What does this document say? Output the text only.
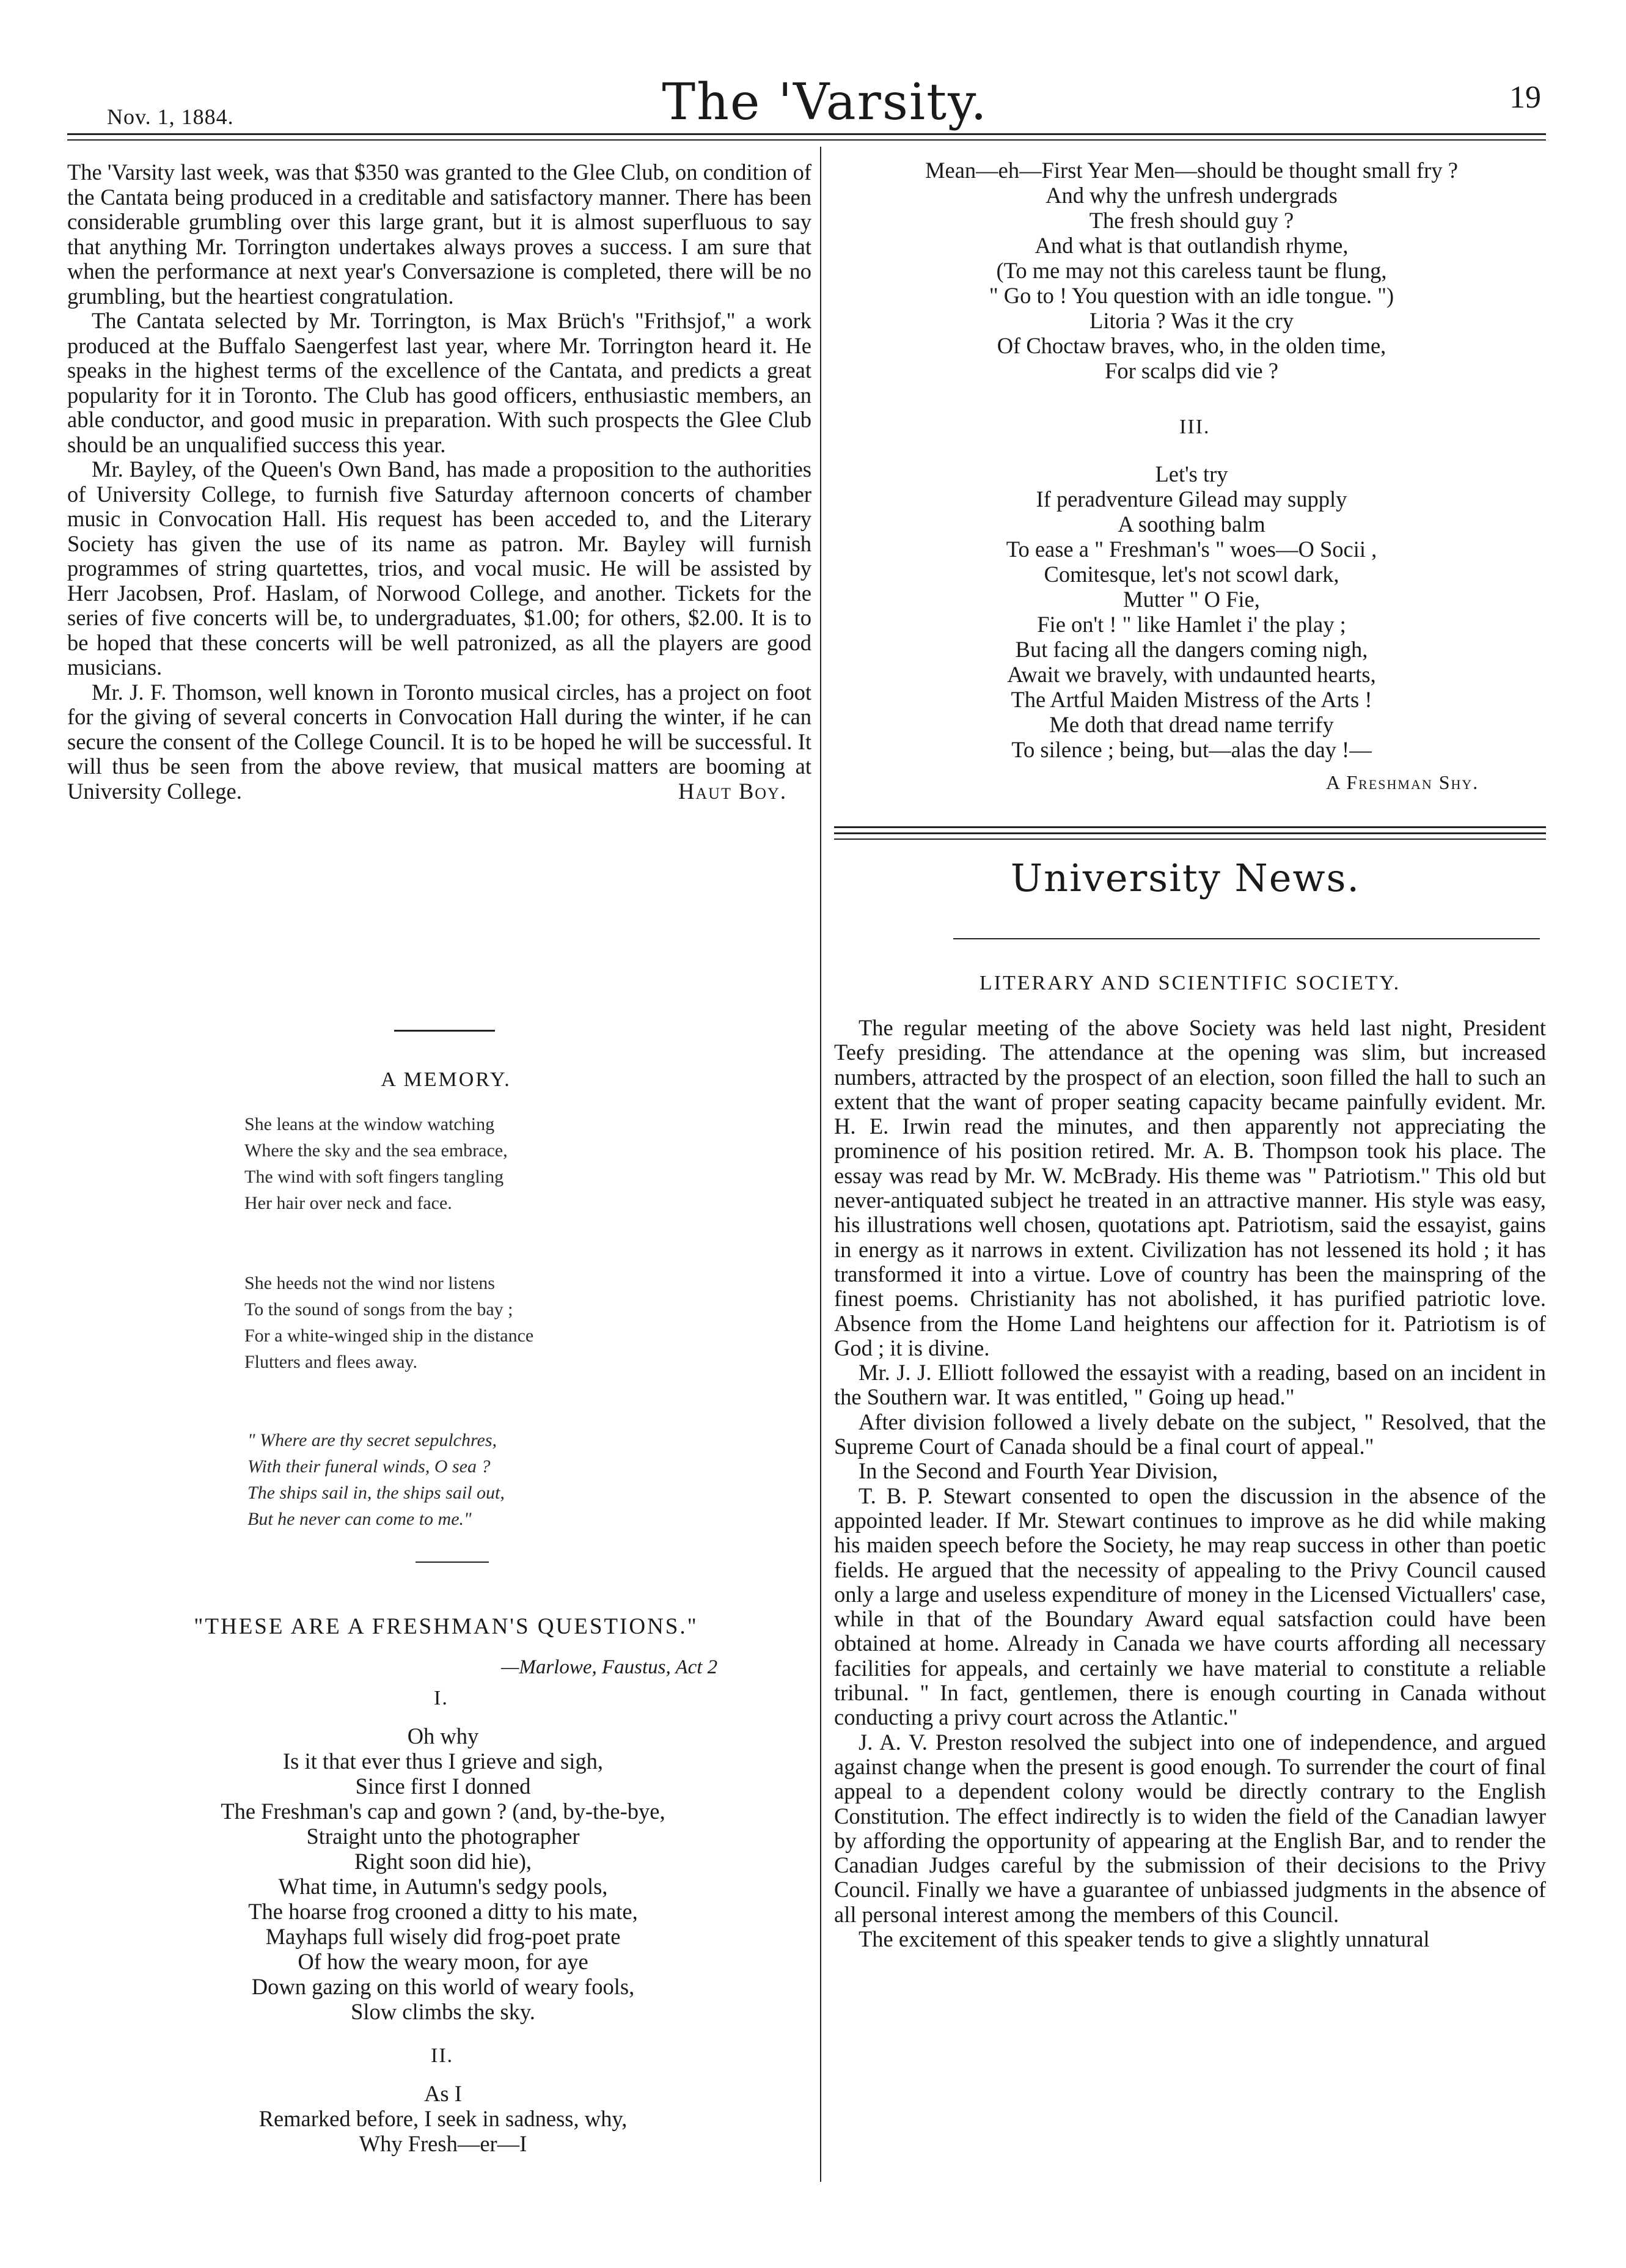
Nov. 1, 1884.	The 'Varsity.	19

The 'Varsity last week, was that $350 was granted to the Glee Club, on condition of the Cantata being produced in a creditable and satisfactory manner. There has been considerable grumbling over this large grant, but it is almost superfluous to say that anything Mr. Torrington undertakes always proves a success. I am sure that when the performance at next year's Conversazione is completed, there will be no grumbling, but the heartiest congratulation.

The Cantata selected by Mr. Torrington, is Max Brüch's "Frithsjof," a work produced at the Buffalo Saengerfest last year, where Mr. Torrington heard it. He speaks in the highest terms of the excellence of the Cantata, and predicts a great popularity for it in Toronto. The Club has good officers, enthusiastic members, an able conductor, and good music in preparation. With such prospects the Glee Club should be an unqualified success this year.

Mr. Bayley, of the Queen's Own Band, has made a proposition to the authorities of University College, to furnish five Saturday afternoon concerts of chamber music in Convocation Hall. His request has been acceded to, and the Literary Society has given the use of its name as patron. Mr. Bayley will furnish programmes of string quartettes, trios, and vocal music. He will be assisted by Herr Jacobsen, Prof. Haslam, of Norwood College, and another. Tickets for the series of five concerts will be, to undergraduates, $1.00; for others, $2.00. It is to be hoped that these concerts will be well patronized, as all the players are good musicians.

Mr. J. F. Thomson, well known in Toronto musical circles, has a project on foot for the giving of several concerts in Convocation Hall during the winter, if he can secure the consent of the College Council. It is to be hoped he will be successful. It will thus be seen from the above review, that musical matters are booming at University College.	Haut Boy.
A MEMORY.
She leans at the window watching
Where the sky and the sea embrace,
The wind with soft fingers tangling
Her hair over neck and face.
She heeds not the wind nor listens
To the sound of songs from the bay ;
For a white-winged ship in the distance
Flutters and flees away.
" Where are thy secret sepulchres,
With their funeral winds, O sea ?
The ships sail in, the ships sail out,
But he never can come to me."
"THESE ARE A FRESHMAN'S QUESTIONS."
—Marlowe, Faustus, Act 2
I.
Oh why
Is it that ever thus I grieve and sigh,
Since first I donned
The Freshman's cap and gown ? (and, by-the-bye,
Straight unto the photographer
Right soon did hie),
What time, in Autumn's sedgy pools,
The hoarse frog crooned a ditty to his mate,
Mayhaps full wisely did frog-poet prate
Of how the weary moon, for aye
Down gazing on this world of weary fools,
Slow climbs the sky.
II.
As I
Remarked before, I seek in sadness, why,
Why Fresh—er—I
Mean—eh—First Year Men—should be thought small fry ?
And why the unfresh undergrads
The fresh should guy ?
And what is that outlandish rhyme,
(To me may not this careless taunt be flung,
" Go to ! You question with an idle tongue. ")
Litoria ? Was it the cry
Of Choctaw braves, who, in the olden time,
For scalps did vie ?
III.
Let's try
If peradventure Gilead may supply
A soothing balm
To ease a " Freshman's " woes—O Socii ,
Comitesque, let's not scowl dark,
Mutter " O Fie,
Fie on't ! " like Hamlet i' the play ;
But facing all the dangers coming nigh,
Await we bravely, with undaunted hearts,
The Artful Maiden Mistress of the Arts !
Me doth that dread name terrify
To silence ; being, but—alas the day !—
A Freshman Shy.
University News.
LITERARY AND SCIENTIFIC SOCIETY.

The regular meeting of the above Society was held last night, President Teefy presiding. The attendance at the opening was slim, but increased numbers, attracted by the prospect of an election, soon filled the hall to such an extent that the want of proper seating capacity became painfully evident. Mr. H. E. Irwin read the minutes, and then apparently not appreciating the prominence of his position retired. Mr. A. B. Thompson took his place. The essay was read by Mr. W. McBrady. His theme was " Patriotism." This old but never-antiquated subject he treated in an attractive manner. His style was easy, his illustrations well chosen, quotations apt. Patriotism, said the essayist, gains in energy as it narrows in extent. Civilization has not lessened its hold ; it has transformed it into a virtue. Love of country has been the mainspring of the finest poems. Christianity has not abolished, it has purified patriotic love. Absence from the Home Land heightens our affection for it. Patriotism is of God ; it is divine.

Mr. J. J. Elliott followed the essayist with a reading, based on an incident in the Southern war. It was entitled, " Going up head."

After division followed a lively debate on the subject, " Resolved, that the Supreme Court of Canada should be a final court of appeal."

In the Second and Fourth Year Division,

T. B. P. Stewart consented to open the discussion in the absence of the appointed leader. If Mr. Stewart continues to improve as he did while making his maiden speech before the Society, he may reap success in other than poetic fields. He argued that the necessity of appealing to the Privy Council caused only a large and useless expenditure of money in the Licensed Victuallers' case, while in that of the Boundary Award equal satsfaction could have been obtained at home. Already in Canada we have courts affording all necessary facilities for appeals, and certainly we have material to constitute a reliable tribunal. " In fact, gentlemen, there is enough courting in Canada without conducting a privy court across the Atlantic."

J. A. V. Preston resolved the subject into one of independence, and argued against change when the present is good enough. To surrender the court of final appeal to a dependent colony would be directly contrary to the English Constitution. The effect indirectly is to widen the field of the Canadian lawyer by affording the opportunity of appearing at the English Bar, and to render the Canadian Judges careful by the submission of their decisions to the Privy Council. Finally we have a guarantee of unbiassed judgments in the absence of all personal interest among the members of this Council.

The excitement of this speaker tends to give a slightly unnatural
